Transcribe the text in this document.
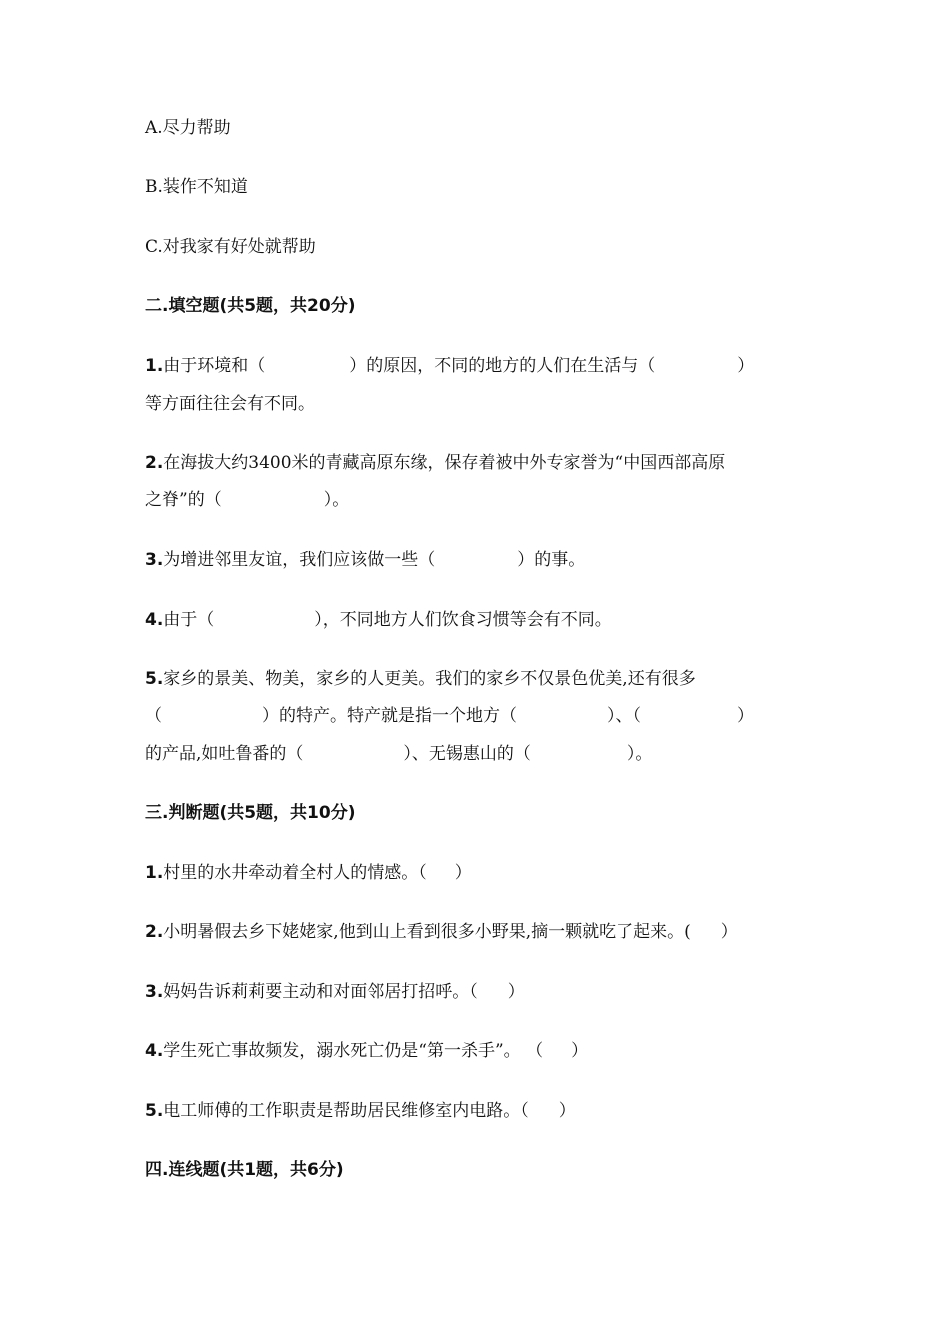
A.尽力帮助
B.装作不知道
C.对我家有好处就帮助
二.填空题(共5题，共20分)
1.由于环境和（	）的原因，不同的地方的人们在生活与（	）
等方面往往会有不同。
2.在海拔大约3400米的青藏高原东缘，保存着被中外专家誉为“中国西部高原
之脊”的（	）。
3.为增进邻里友谊，我们应该做一些（	）的事。
4.由于（	），不同地方人们饮食习惯等会有不同。
5.家乡的景美、物美，家乡的人更美。我们的家乡不仅景色优美,还有很多
（	）的特产。特产就是指一个地方（	）、（	）
的产品,如吐鲁番的（	）、无锡惠山的（	）。
三.判断题(共5题，共10分)
1.村里的水井牵动着全村人的情感。（ ）
2.小明暑假去乡下姥姥家,他到山上看到很多小野果,摘一颗就吃了起来。( ）
3.妈妈告诉莉莉要主动和对面邻居打招呼。（ ）
4.学生死亡事故频发，溺水死亡仍是“第一杀手”。 （ ）
5.电工师傅的工作职责是帮助居民维修室内电路。（ ）
四.连线题(共1题，共6分)
